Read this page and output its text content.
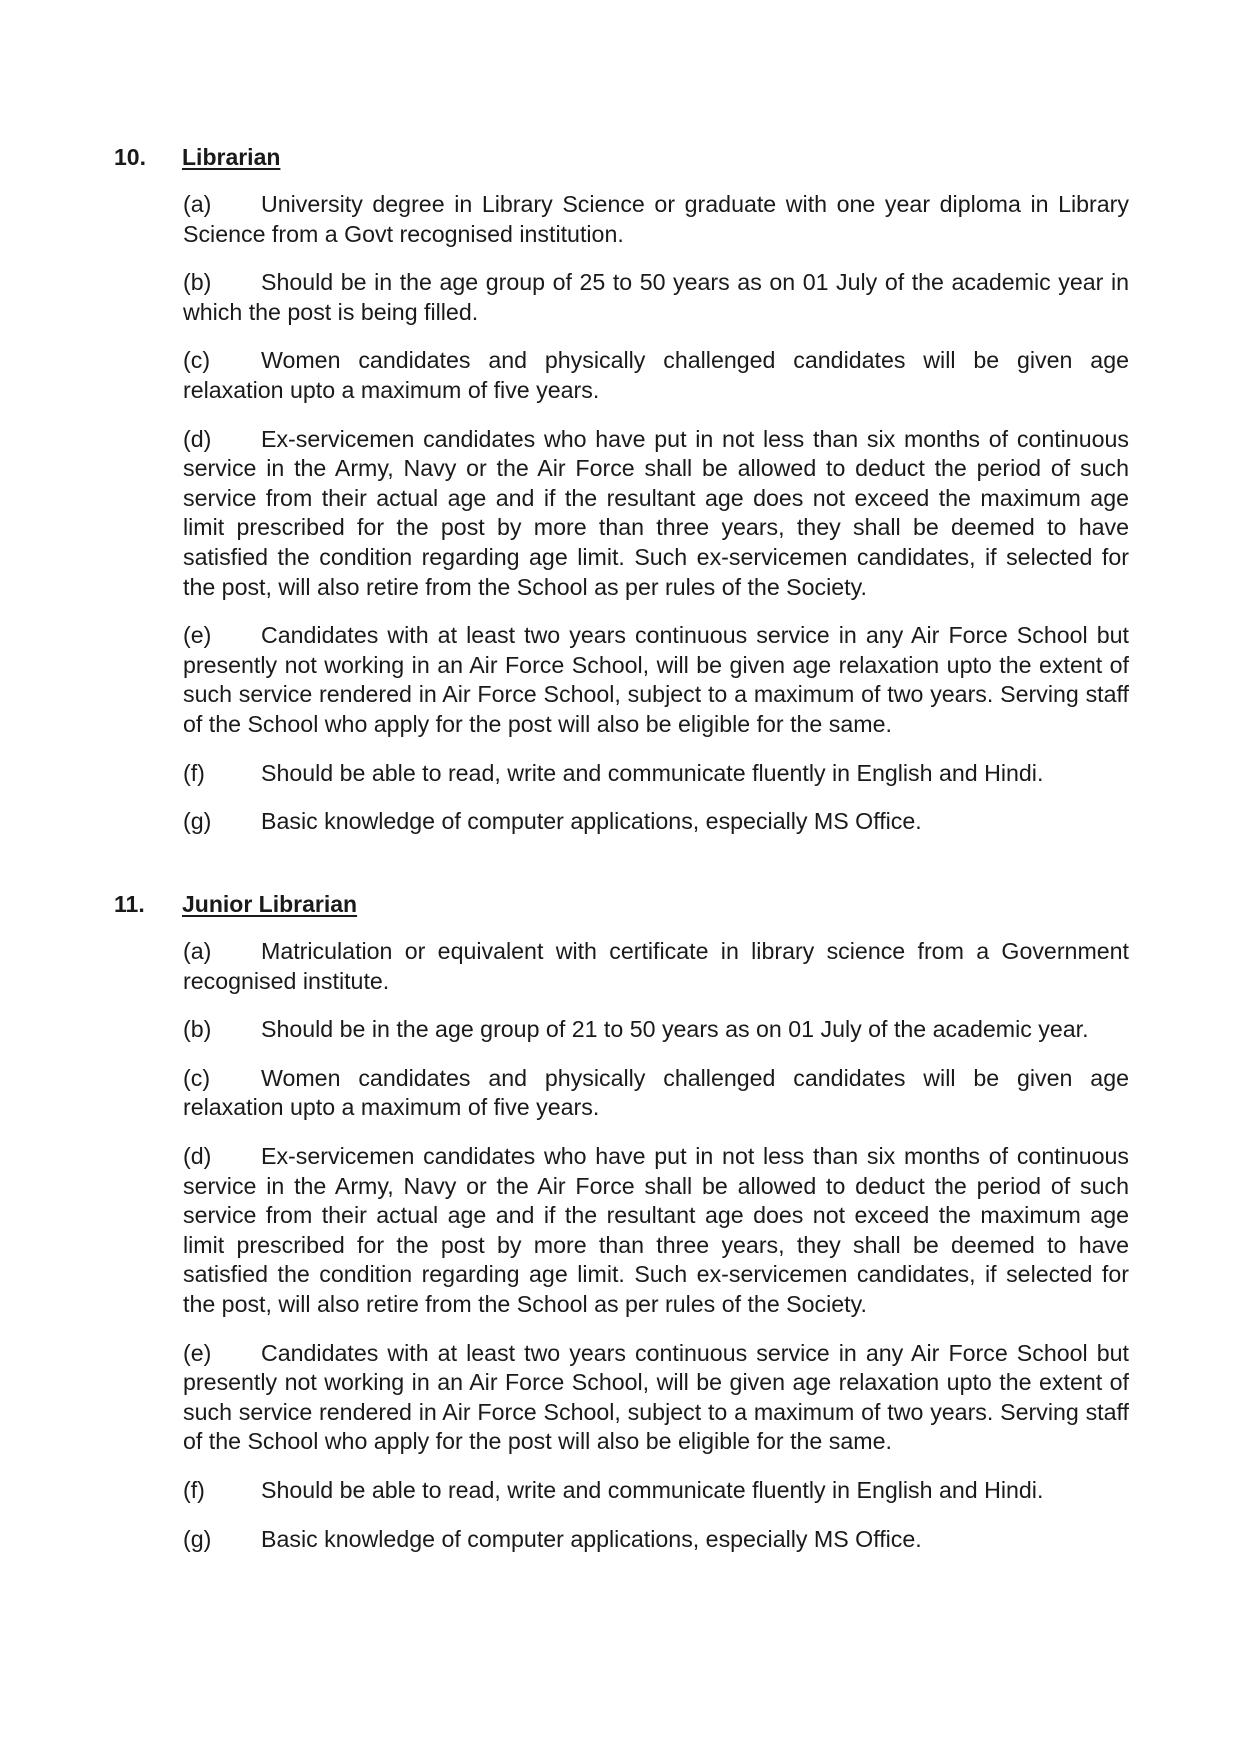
10. Librarian
(a) University degree in Library Science or graduate with one year diploma in Library Science from a Govt recognised institution.
(b) Should be in the age group of 25 to 50 years as on 01 July of the academic year in which the post is being filled.
(c) Women candidates and physically challenged candidates will be given age relaxation upto a maximum of five years.
(d) Ex-servicemen candidates who have put in not less than six months of continuous service in the Army, Navy or the Air Force shall be allowed to deduct the period of such service from their actual age and if the resultant age does not exceed the maximum age limit prescribed for the post by more than three years, they shall be deemed to have satisfied the condition regarding age limit. Such ex-servicemen candidates, if selected for the post, will also retire from the School as per rules of the Society.
(e) Candidates with at least two years continuous service in any Air Force School but presently not working in an Air Force School, will be given age relaxation upto the extent of such service rendered in Air Force School, subject to a maximum of two years. Serving staff of the School who apply for the post will also be eligible for the same.
(f) Should be able to read, write and communicate fluently in English and Hindi.
(g) Basic knowledge of computer applications, especially MS Office.
11. Junior Librarian
(a) Matriculation or equivalent with certificate in library science from a Government recognised institute.
(b) Should be in the age group of 21 to 50 years as on 01 July of the academic year.
(c) Women candidates and physically challenged candidates will be given age relaxation upto a maximum of five years.
(d) Ex-servicemen candidates who have put in not less than six months of continuous service in the Army, Navy or the Air Force shall be allowed to deduct the period of such service from their actual age and if the resultant age does not exceed the maximum age limit prescribed for the post by more than three years, they shall be deemed to have satisfied the condition regarding age limit. Such ex-servicemen candidates, if selected for the post, will also retire from the School as per rules of the Society.
(e) Candidates with at least two years continuous service in any Air Force School but presently not working in an Air Force School, will be given age relaxation upto the extent of such service rendered in Air Force School, subject to a maximum of two years. Serving staff of the School who apply for the post will also be eligible for the same.
(f) Should be able to read, write and communicate fluently in English and Hindi.
(g) Basic knowledge of computer applications, especially MS Office.
